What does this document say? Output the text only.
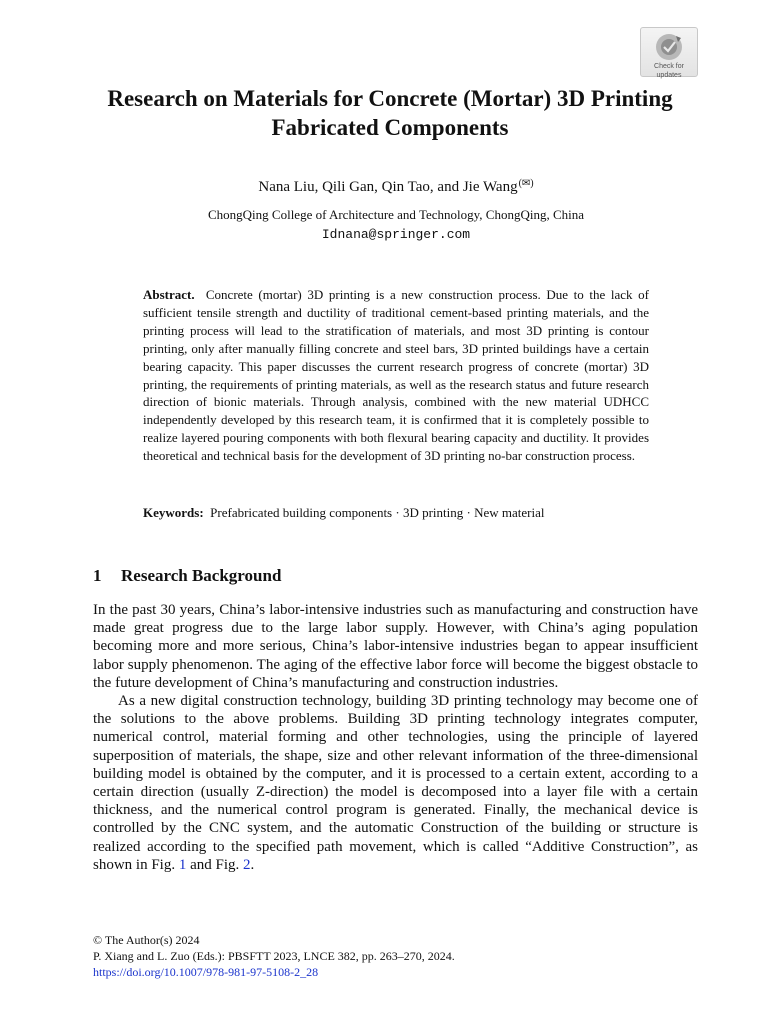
Check for
updates
Research on Materials for Concrete (Mortar) 3D Printing Fabricated Components
Nana Liu, Qili Gan, Qin Tao, and Jie Wang(✉)
ChongQing College of Architecture and Technology, ChongQing, China
Idnana@springer.com

Abstract. Concrete (mortar) 3D printing is a new construction process. Due to the lack of sufficient tensile strength and ductility of traditional cement-based printing materials, and the printing process will lead to the stratification of materials, and most 3D printing is contour printing, only after manually filling concrete and steel bars, 3D printed buildings have a certain bearing capacity. This paper discusses the current research progress of concrete (mortar) 3D printing, the requirements of printing materials, as well as the research status and future research direction of bionic materials. Through analysis, combined with the new material UDHCC independently developed by this research team, it is confirmed that it is completely possible to realize layered pouring components with both flexural bearing capacity and ductility. It provides theoretical and technical basis for the development of 3D printing no-bar construction process.

Keywords: Prefabricated building components · 3D printing · New material

1 Research Background

In the past 30 years, China’s labor-intensive industries such as manufacturing and construction have made great progress due to the large labor supply. However, with China’s aging population becoming more and more serious, China’s labor-intensive industries began to appear insufficient labor supply phenomenon. The aging of the effective labor force will become the biggest obstacle to the future development of China’s manufacturing and construction industries.

As a new digital construction technology, building 3D printing technology may become one of the solutions to the above problems. Building 3D printing technology integrates computer, numerical control, material forming and other technologies, using the principle of layered superposition of materials, the shape, size and other relevant information of the three-dimensional building model is obtained by the computer, and it is processed to a certain extent, according to a certain direction (usually Z-direction) the model is decomposed into a layer file with a certain thickness, and the numerical control program is generated. Finally, the mechanical device is controlled by the CNC system, and the automatic Construction of the building or structure is realized according to the specified path movement, which is called “Additive Construction”, as shown in Fig. 1 and Fig. 2.

© The Author(s) 2024
P. Xiang and L. Zuo (Eds.): PBSFTT 2023, LNCE 382, pp. 263–270, 2024.
https://doi.org/10.1007/978-981-97-5108-2_28
